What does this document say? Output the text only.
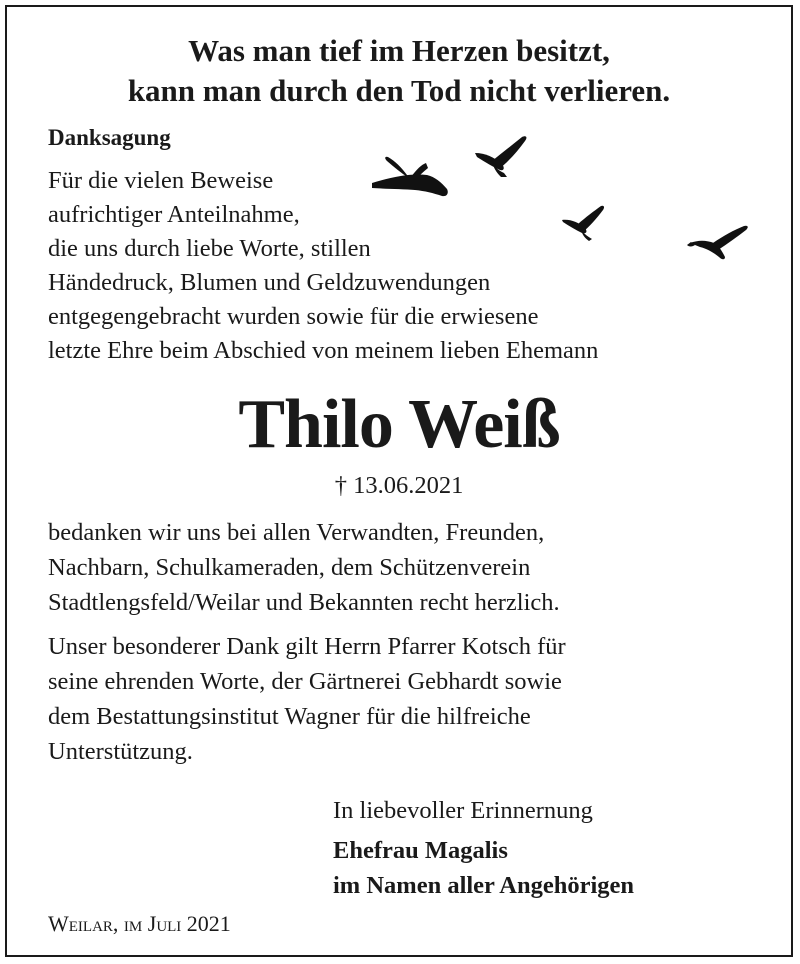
Was man tief im Herzen besitzt,
kann man durch den Tod nicht verlieren.
Danksagung
Für die vielen Beweise
aufrichtiger Anteilnahme,
die uns durch liebe Worte, stillen
Händedruck, Blumen und Geldzuwendungen
entgegengebracht wurden sowie für die erwiesene
letzte Ehre beim Abschied von meinem lieben Ehemann
Thilo Weiß
† 13.06.2021
bedanken wir uns bei allen Verwandten, Freunden,
Nachbarn, Schulkameraden, dem Schützenverein
Stadtlengsfeld/Weilar und Bekannten recht herzlich.
Unser besonderer Dank gilt Herrn Pfarrer Kotsch für
seine ehrenden Worte, der Gärtnerei Gebhardt sowie
dem Bestattungsinstitut Wagner für die hilfreiche
Unterstützung.
In liebevoller Erinnernung
Ehefrau Magalis
im Namen aller Angehörigen
Weilar, im Juli 2021
